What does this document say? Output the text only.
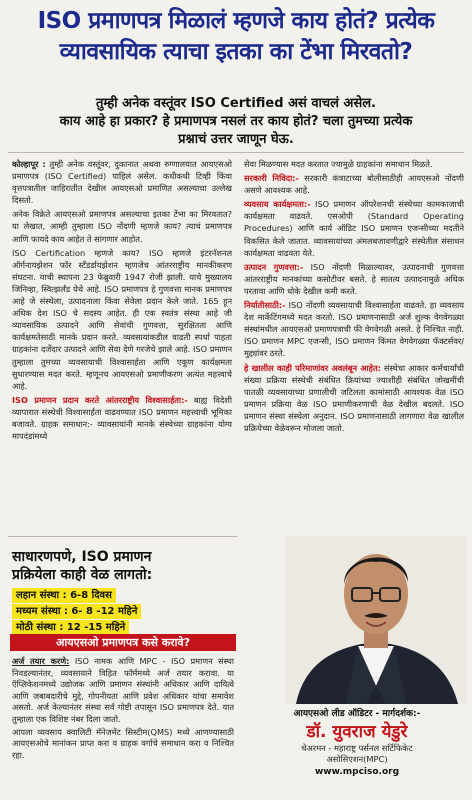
ISO प्रमाणपत्र मिळालं म्हणजे काय होतं? प्रत्येक
व्यावसायिक त्याचा इतका का टेंभा मिरवतो?
तुम्ही अनेक वस्तूंवर ISO Certified असं वाचलं असेल.
काय आहे हा प्रकार? हे प्रमाणपत्र नसलं तर काय होतं? चला तुमच्या प्रत्येक
प्रश्नाचं उत्तर जाणून घेऊ.

कोल्हापूर : तुम्ही अनेक वस्तूंवर, दुकानात अथवा रुग्णालयात आयएसओ प्रमाणपत्र (ISO Certified) पाहिलं असेल. कधीकधी टिव्ही किंवा वृत्तपत्रातील जाहिरातीत देखील आयएसओ प्रमाणित असल्याचा उल्लेख दिसतो.

अनेक विक्रेते आयएसओ प्रमाणपत्र असल्याचा इतका टेंभा का मिरवतात? या लेखात, आम्ही तुम्हाला ISO नोंदणी म्हणजे काय? त्याचं प्रमाणपत्र आणि फायदे काय आहेत ते सांगणार आहोत.

ISO Certification म्हणजे काय? ISO म्हणजे इंटरनॅशनल ऑर्गनायझेशन फॉर स्टँडर्डायझेशन म्हणजेच आंतरराष्ट्रीय मानकीकरण संघटना. याची स्थापना 23 फेब्रुवारी 1947 रोजी झाली. याचे मुख्यालय जिनिव्हा, स्वित्झर्लंड येथे आहे. ISO प्रमाणपत्र हे गुणवत्ता मानक प्रमाणपत्र आहे जे संस्थेला, उत्पादनाला किंवा सेवेला प्रदान केले जाते. 165 हून अधिक देश ISO चे सदस्य आहेत. ही एक स्वतंत्र संस्था आहे जी व्यावसायिक उत्पादने आणि सेवांची गुणवत्ता, सुरक्षितता आणि कार्यक्षमतेसाठी मानके प्रदान करते. व्यवसायांकडील वाढती स्पर्धा पाहता ग्राहकांना दर्जेदार उत्पादने आणि सेवा देणे गरजेचे झाले आहे. ISO प्रमाणन तुम्हाला तुमच्या व्यवसायाची विश्वासार्हता आणि एकूण कार्यक्षमता सुधारण्यास मदत करते. म्हणूनच आयएसओ प्रमाणीकरण अत्यंत महत्त्वाचे आहे.

ISO प्रमाणन प्रदान करते आंतरराष्ट्रीय विश्वासार्हता:- बाह्य विदेशी व्यापारात संस्थेची विश्वासार्हता वाढवण्यात ISO प्रमाणन महत्त्वाची भूमिका बजावते. ग्राहक समाधान:- व्यावसायांनी मानके संस्थेच्या ग्राहकांना योग्य मापदंडांमध्ये

सेवा मिळण्यास मदत करतात ज्यामुळे ग्राहकांना समाधान मिळते.

सरकारी निविदा:- सरकारी कंत्राटाच्या बोलीसाठीही आयएसओ नोंदणी असणे आवश्यक आहे.

व्यवसाय कार्यक्षमता:- ISO प्रमाणन ऑपरेशनची संस्थेच्या कामकाजाची कार्यक्षमता वाढवते. एसओपी (Standard Operating Procedures) आणि कार्य ऑडिट ISO प्रमाणन एजन्सीच्या मदतीने विकसित केले जातात. व्यावसायांच्या अंमलबजावणीद्वारे संस्थेतील संसाधन कार्यक्षमता वाढवता येते.

उत्पादन गुणवत्ता:- ISO नोंदणी मिळाल्यावर, उत्पादनाची गुणवत्ता आंतरराष्ट्रीय मानकांच्या कसोटीवर बसते. हे सातत्य उत्पादनामुळे अधिक परतावा आणि धोके देखील कमी करते.

निर्यातीसाठी:- ISO नोंदणी व्यवसायाची विश्वासार्हता वाढवते. हा व्यवसाय देश मार्केटिंगमध्ये मदत करतो. ISO प्रमाणनासाठी अर्ज शुल्क वेगवेगळ्या संस्थांमधील आयएसओ प्रमाणपत्राची फी वेगवेगळी असते. हे निश्चित नाही. ISO प्रमाणन MPC एजन्सी, ISO प्रमाणन किंमत वेगवेगळ्या फॅक्टर्सवर/मुद्द्यांवर ठरते.

हे खालील काही परिमाणांवर अवलंबून आहेत: संस्थेचा आकार कर्मचार्यांची संख्या प्रक्रिया संस्थेची संबंधित क्रियांच्या ज्याशीही संबंधित जोखमींची पातळी व्यवसायाच्या प्रणालीची जटिलता कामांसाठी आवश्यक वेळ ISO प्रमाणन प्रक्रिया वेळ ISO प्रमाणीकरणाची वेळ देखील बदलते. ISO प्रमाणन संस्था संस्थेला अनुदान. ISO प्रमाणनासाठी लागणारा वेळ खालील प्रक्रियेच्या वेळेवरून मोजला जातो.

साधारणपणे, ISO प्रमाणन
प्रक्रियेला काही वेळ लागतो:
लहान संस्था : 6-8 दिवस
मध्यम संस्था : 6- 8 -12 महिने
मोठी संस्था : 12 -15 महिने
आयएसओ प्रमाणपत्र कसे करावे?

अर्ज तयार करणे: ISO नामक आणि MPC - ISO प्रमाणन संस्था निवडल्यानंतर, व्यवसायाने विहित फॉर्ममध्ये अर्ज तयार करावा. या ऍप्लिकेशनमध्ये उद्योजक आणि प्रमाणन संस्थांनी अधिकार आणि दायित्वे आणि जबाबदारीचे मुद्दे, गोपनीयता आणि प्रवेश अधिकार यांचा समावेश असतो. अर्ज केल्यानंतर संस्था सर्व गोष्टी तपासून ISO प्रमाणपत्र देते. यात तुम्हाला एक विशिष्ट नंबर दिला जातो.

आपला व्यवसाय क्वालिटी मॅनेजमेंट सिस्टीम(QMS) मध्ये आणण्यासाठी आयएसओचे मानांकन प्राप्त करा व ग्राहक वर्गाचे समाधान करा व निश्चित रहा.

आयएसओ लीड ऑडिटर - मार्गदर्शक:-
डॉ. युवराज येडुरे
चेअरमन - महाराष्ट्र पर्सनल सर्टिफिकेट
असोसिएशन(MPC)
www.mpciso.org
